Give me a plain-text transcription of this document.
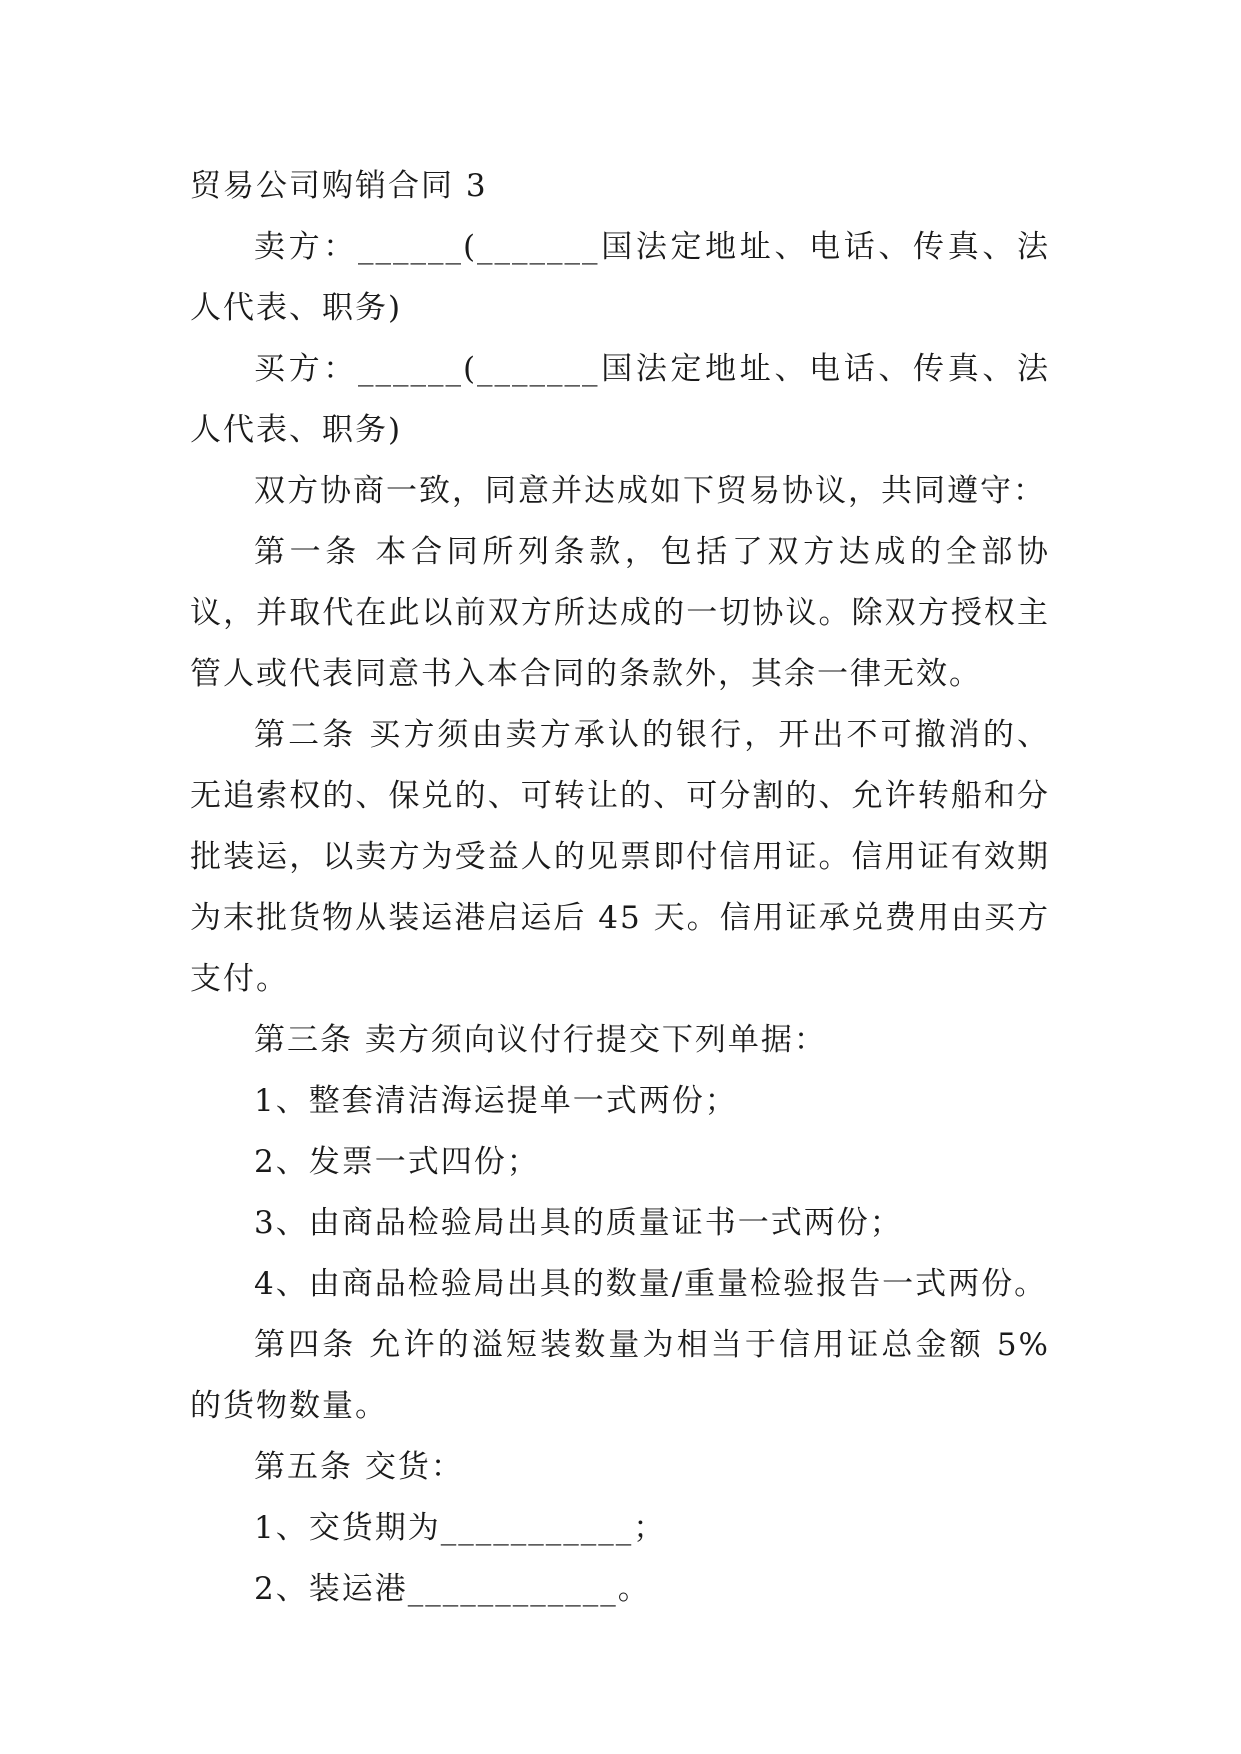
贸易公司购销合同 3

卖方：______(_______国法定地址、电话、传真、法人代表、职务)

买方：______(_______国法定地址、电话、传真、法人代表、职务)

双方协商一致，同意并达成如下贸易协议，共同遵守：

第一条 本合同所列条款，包括了双方达成的全部协议，并取代在此以前双方所达成的一切协议。除双方授权主管人或代表同意书入本合同的条款外，其余一律无效。

第二条 买方须由卖方承认的银行，开出不可撤消的、无追索权的、保兑的、可转让的、可分割的、允许转船和分批装运，以卖方为受益人的见票即付信用证。信用证有效期为末批货物从装运港启运后 45 天。信用证承兑费用由买方支付。

第三条 卖方须向议付行提交下列单据：

1、整套清洁海运提单一式两份；

2、发票一式四份；

3、由商品检验局出具的质量证书一式两份；

4、由商品检验局出具的数量/重量检验报告一式两份。

第四条 允许的溢短装数量为相当于信用证总金额 5%的货物数量。

第五条 交货：

1、交货期为___________；

2、装运港____________。
